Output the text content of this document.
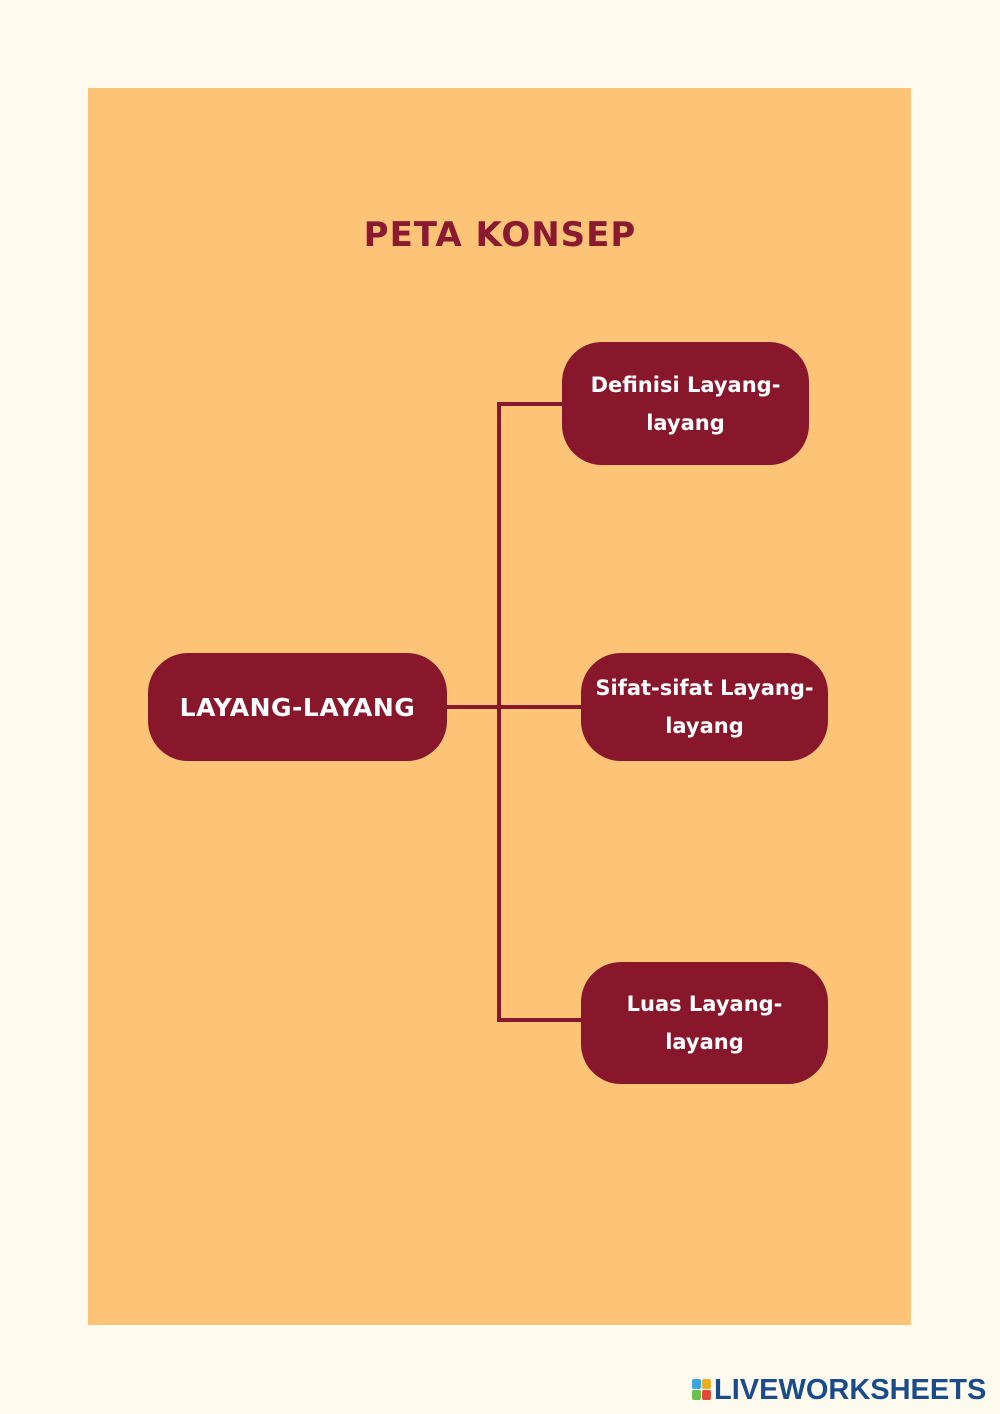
PETA KONSEP
LAYANG-LAYANG
Definisi Layang-layang
Sifat-sifat Layang-layang
Luas Layang-layang
LIVEWORKSHEETS
